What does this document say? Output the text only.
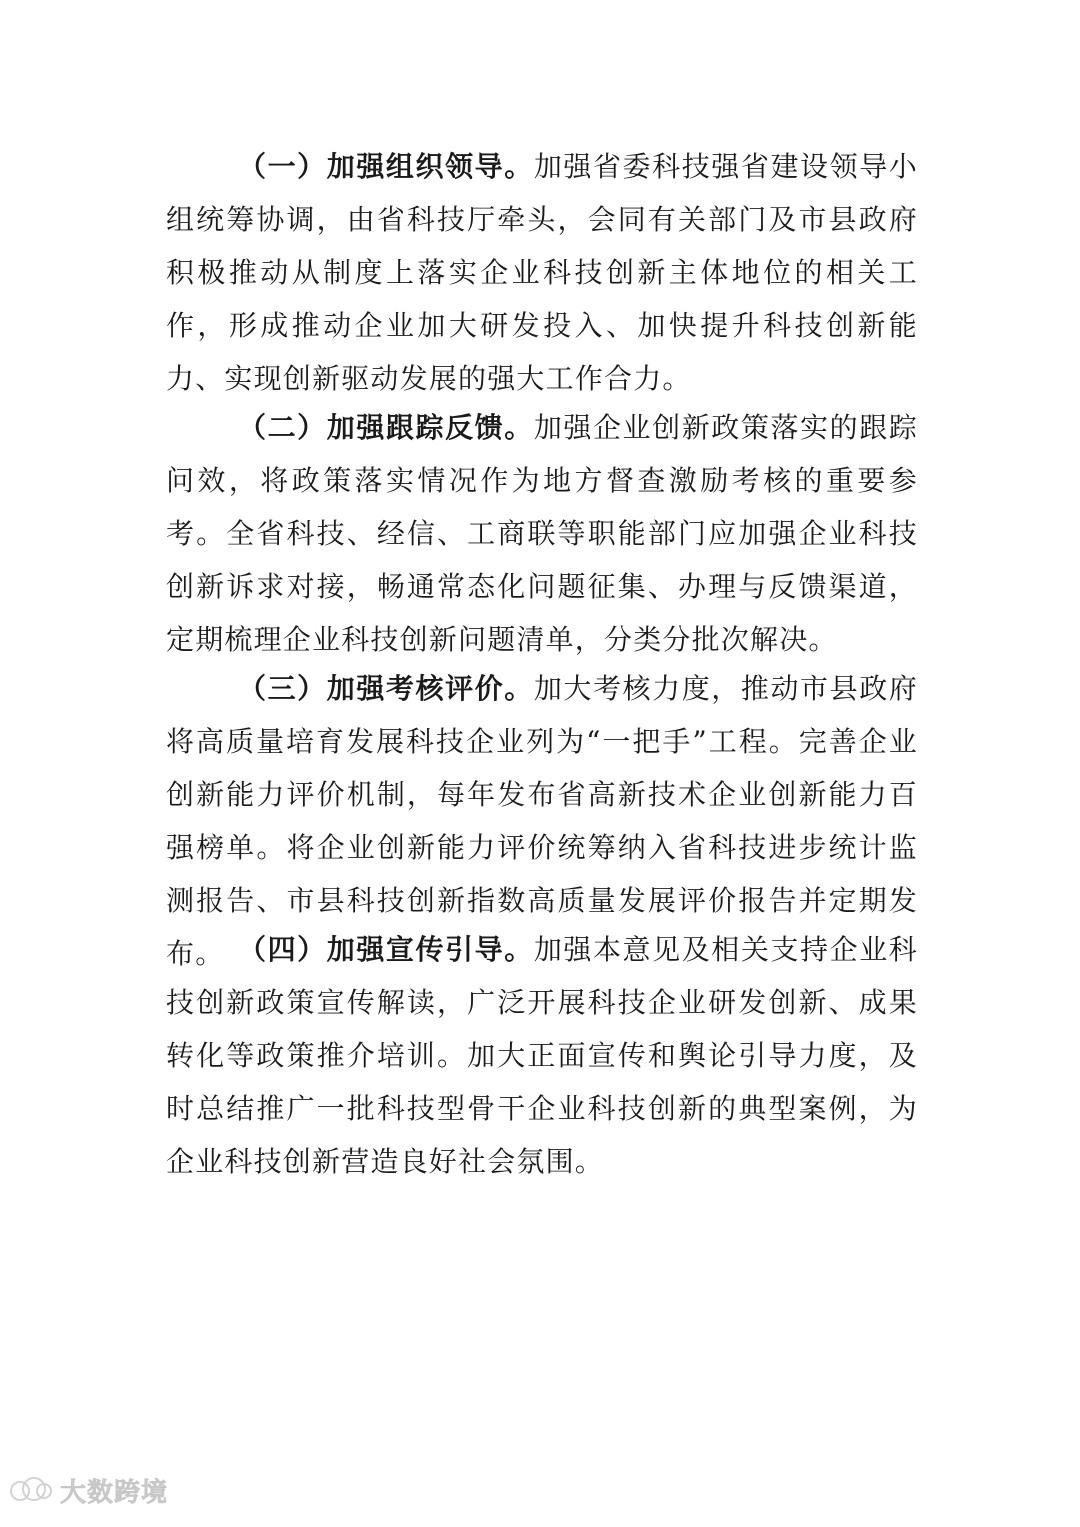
（一）加强组织领导。加强省委科技强省建设领导小组统筹协调，由省科技厅牵头，会同有关部门及市县政府积极推动从制度上落实企业科技创新主体地位的相关工作，形成推动企业加大研发投入、加快提升科技创新能力、实现创新驱动发展的强大工作合力。

（二）加强跟踪反馈。加强企业创新政策落实的跟踪问效，将政策落实情况作为地方督查激励考核的重要参考。全省科技、经信、工商联等职能部门应加强企业科技创新诉求对接，畅通常态化问题征集、办理与反馈渠道，定期梳理企业科技创新问题清单，分类分批次解决。

（三）加强考核评价。加大考核力度，推动市县政府将高质量培育发展科技企业列为“一把手”工程。完善企业创新能力评价机制，每年发布省高新技术企业创新能力百强榜单。将企业创新能力评价统筹纳入省科技进步统计监测报告、市县科技创新指数高质量发展评价报告并定期发布。 （四）加强宣传引导。加强本意见及相关支持企业科技创新政策宣传解读，广泛开展科技企业研发创新、成果转化等政策推介培训。加大正面宣传和舆论引导力度，及时总结推广一批科技型骨干企业科技创新的典型案例，为企业科技创新营造良好社会氛围。

大数跨境
